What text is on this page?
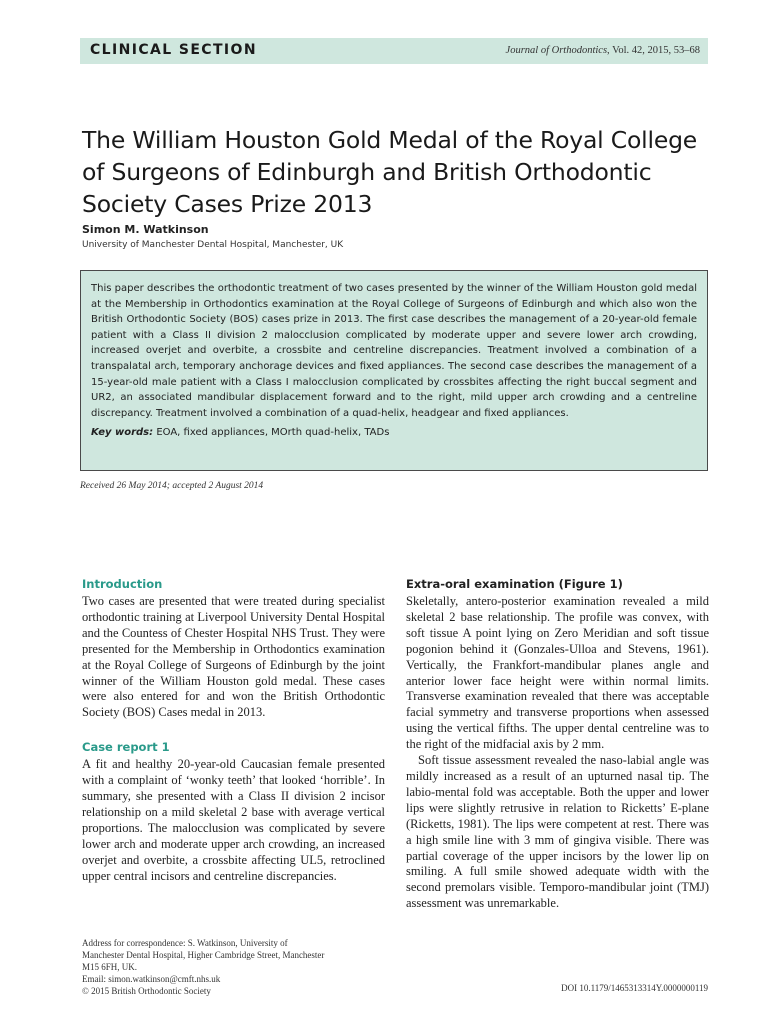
CLINICAL SECTION	Journal of Orthodontics, Vol. 42, 2015, 53–68
The William Houston Gold Medal of the Royal College of Surgeons of Edinburgh and British Orthodontic Society Cases Prize 2013
Simon M. Watkinson
University of Manchester Dental Hospital, Manchester, UK

This paper describes the orthodontic treatment of two cases presented by the winner of the William Houston gold medal at the Membership in Orthodontics examination at the Royal College of Surgeons of Edinburgh and which also won the British Orthodontic Society (BOS) cases prize in 2013. The first case describes the management of a 20-year-old female patient with a Class II division 2 malocclusion complicated by moderate upper and severe lower arch crowding, increased overjet and overbite, a crossbite and centreline discrepancies. Treatment involved a combination of a transpalatal arch, temporary anchorage devices and fixed appliances. The second case describes the management of a 15-year-old male patient with a Class I malocclusion complicated by crossbites affecting the right buccal segment and UR2, an associated mandibular displacement forward and to the right, mild upper arch crowding and a centreline discrepancy. Treatment involved a combination of a quad-helix, headgear and fixed appliances.

Key words: EOA, fixed appliances, MOrth quad-helix, TADs

Received 26 May 2014; accepted 2 August 2014
Introduction

Two cases are presented that were treated during specialist orthodontic training at Liverpool University Dental Hospital and the Countess of Chester Hospital NHS Trust. They were presented for the Membership in Orthodontics examination at the Royal College of Surgeons of Edinburgh by the joint winner of the William Houston gold medal. These cases were also entered for and won the British Orthodontic Society (BOS) Cases medal in 2013.

Case report 1

A fit and healthy 20-year-old Caucasian female presented with a complaint of ‘wonky teeth’ that looked ‘horrible’. In summary, she presented with a Class II division 2 incisor relationship on a mild skeletal 2 base with average vertical proportions. The malocclusion was complicated by severe lower arch and moderate upper arch crowding, an increased overjet and overbite, a crossbite affecting UL5, retroclined upper central incisors and centreline discrepancies.

Extra-oral examination (Figure 1)

Skeletally, antero-posterior examination revealed a mild skeletal 2 base relationship. The profile was convex, with soft tissue A point lying on Zero Meridian and soft tissue pogonion behind it (Gonzales-Ulloa and Stevens, 1961). Vertically, the Frankfort-mandibular planes angle and anterior lower face height were within normal limits. Transverse examination revealed that there was acceptable facial symmetry and transverse proportions when assessed using the vertical fifths. The upper dental centreline was to the right of the midfacial axis by 2 mm.

Soft tissue assessment revealed the naso-labial angle was mildly increased as a result of an upturned nasal tip. The labio-mental fold was acceptable. Both the upper and lower lips were slightly retrusive in relation to Ricketts’ E-plane (Ricketts, 1981). The lips were competent at rest. There was a high smile line with 3 mm of gingiva visible. There was partial coverage of the upper incisors by the lower lip on smiling. A full smile showed adequate width with the second premolars visible. Temporo-mandibular joint (TMJ) assessment was unremarkable.

Address for correspondence: S. Watkinson, University of
Manchester Dental Hospital, Higher Cambridge Street, Manchester
M15 6FH, UK.
Email: simon.watkinson@cmft.nhs.uk
© 2015 British Orthodontic Society	DOI 10.1179/1465313314Y.0000000119
